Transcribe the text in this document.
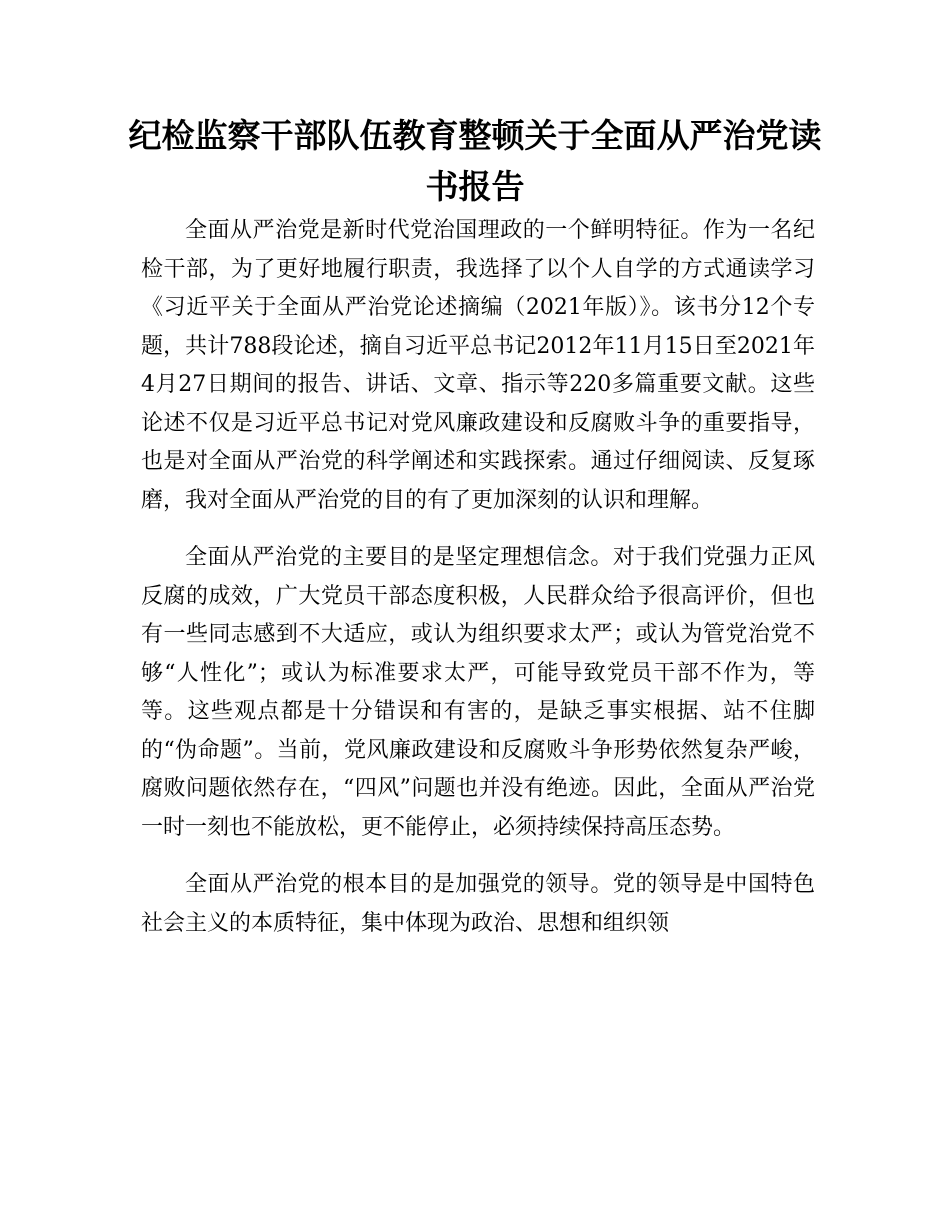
纪检监察干部队伍教育整顿关于全面从严治党读书报告

全面从严治党是新时代党治国理政的一个鲜明特征。作为一名纪检干部，为了更好地履行职责，我选择了以个人自学的方式通读学习《习近平关于全面从严治党论述摘编（2021年版）》。该书分12个专题，共计788段论述，摘自习近平总书记2012年11月15日至2021年4月27日期间的报告、讲话、文章、指示等220多篇重要文献。这些论述不仅是习近平总书记对党风廉政建设和反腐败斗争的重要指导，也是对全面从严治党的科学阐述和实践探索。通过仔细阅读、反复琢磨，我对全面从严治党的目的有了更加深刻的认识和理解。

全面从严治党的主要目的是坚定理想信念。对于我们党强力正风反腐的成效，广大党员干部态度积极，人民群众给予很高评价，但也有一些同志感到不大适应，或认为组织要求太严；或认为管党治党不够“人性化”；或认为标准要求太严，可能导致党员干部不作为，等等。这些观点都是十分错误和有害的，是缺乏事实根据、站不住脚的“伪命题”。当前，党风廉政建设和反腐败斗争形势依然复杂严峻，腐败问题依然存在，“四风”问题也并没有绝迹。因此，全面从严治党一时一刻也不能放松，更不能停止，必须持续保持高压态势。

全面从严治党的根本目的是加强党的领导。党的领导是中国特色社会主义的本质特征，集中体现为政治、思想和组织领
